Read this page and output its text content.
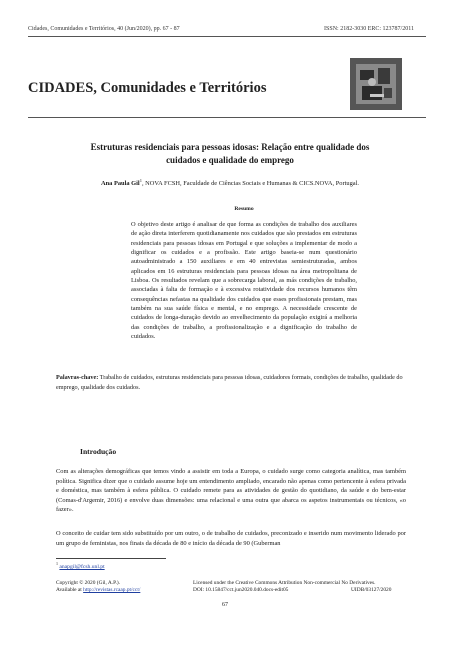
Cidades, Comunidades e Territórios, 40 (Jun/2020), pp. 67 - 87	ISSN: 2182-3030 ERC: 123787/2011
CIDADES, Comunidades e Territórios
Estruturas residenciais para pessoas idosas: Relação entre qualidade dos
cuidados e qualidade do emprego
Ana Paula Gil$^1$, NOVA FCSH, Faculdade de Ciências Sociais e Humanas & CICS.NOVA, Portugal.
Resumo
O objetivo deste artigo é analisar de que forma as condições de trabalho dos auxiliares de ação direta interferem quotidianamente nos cuidados que são prestados em estruturas residenciais para pessoas idosas em Portugal e que soluções a implementar de modo a dignificar os cuidados e a profissão. Este artigo baseia-se num questionário autoadministrado a 150 auxiliares e em 40 entrevistas semiestruturadas, ambos aplicados em 16 estruturas residenciais para pessoas idosas na área metropolitana de Lisboa. Os resultados revelam que a sobrecarga laboral, as más condições de trabalho, associadas à falta de formação e à excessiva rotatividade dos recursos humanos têm consequências nefastas na qualidade dos cuidados que esses profissionais prestam, mas também na sua saúde física e mental, e no emprego. A necessidade crescente de cuidados de longa-duração devido ao envelhecimento da população exigirá a melhoria das condições de trabalho, a profissionalização e a dignificação do trabalho de cuidados.
Palavras-chave: Trabalho de cuidados, estruturas residenciais para pessoas idosas, cuidadores formais, condições de trabalho, qualidade do emprego, qualidade dos cuidados.
Introdução
Com as alterações demográficas que temos vindo a assistir em toda a Europa, o cuidado surge como categoria analítica, mas também política. Significa dizer que o cuidado assume hoje um entendimento ampliado, encarado não apenas como pertencente à esfera privada e doméstica, mas também à esfera pública. O cuidado remete para as atividades de gestão do quotidiano, da saúde e do bem-estar (Comas-d'Argemir, 2016) e envolve duas dimensões: uma relacional e uma outra que abarca os aspetos instrumentais ou técnicos, «o fazer».
O conceito de cuidar tem sido substituído por um outro, o de trabalho de cuidados, preconizado e inserido num movimento liderado por um grupo de feministas, nos finais da década de 80 e início da década de 90 (Guberman
$^1$ anapgil@fcsh.unl.pt
Copyright © 2020 (Gil, A.P.).
Available at http://revistas.rcaap.pt/cct/
Licensed under the Creative Commons Attribution Non-commercial No Derivatives.
DOI: 10.15847/cct.jun2020.040.docs-edit05	UIDB/03127/2020
67
